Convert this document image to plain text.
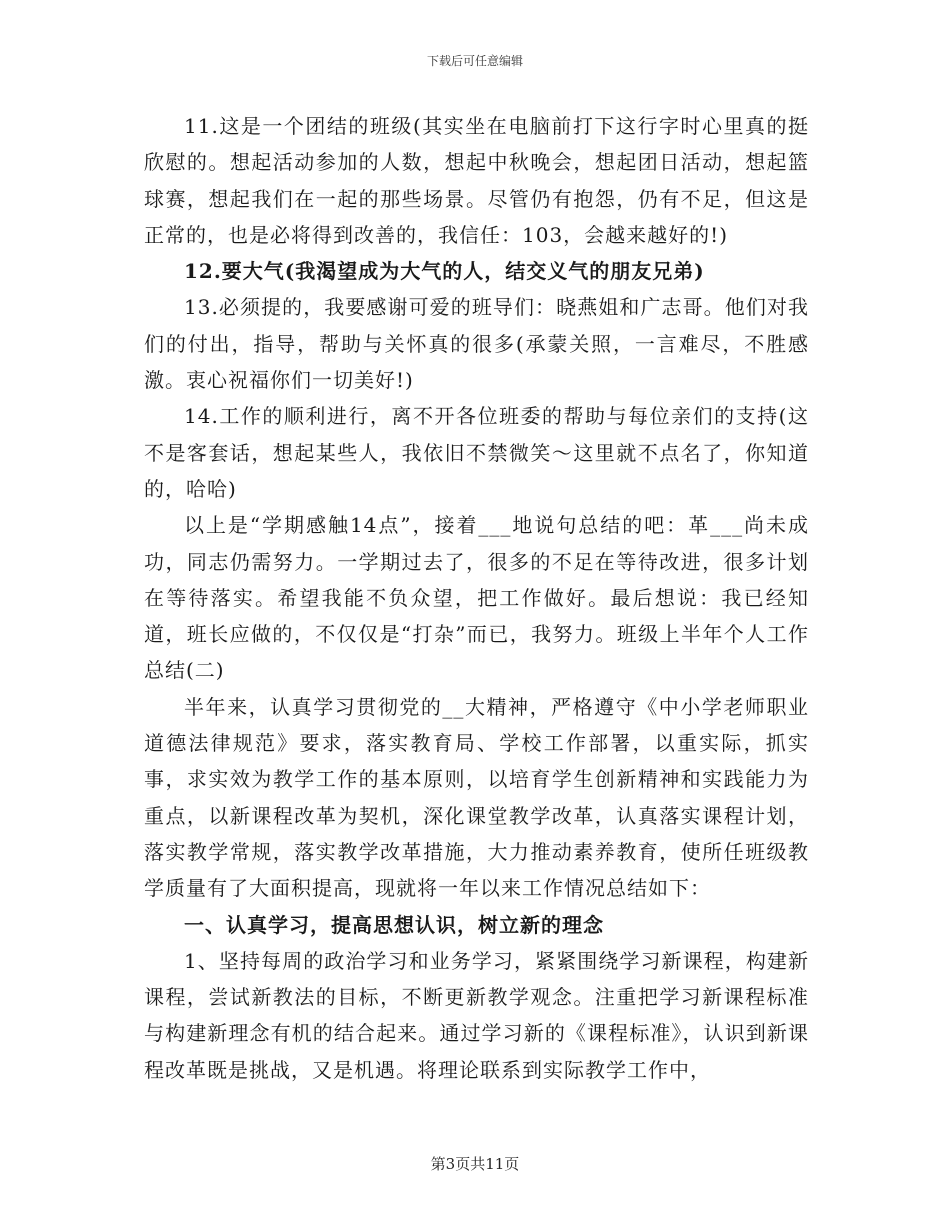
下载后可任意编辑

11.这是一个团结的班级(其实坐在电脑前打下这行字时心里真的挺欣慰的。想起活动参加的人数，想起中秋晚会，想起团日活动，想起篮球赛，想起我们在一起的那些场景。尽管仍有抱怨，仍有不足，但这是正常的，也是必将得到改善的，我信任：103，会越来越好的!)

12.要大气(我渴望成为大气的人，结交义气的朋友兄弟)

13.必须提的，我要感谢可爱的班导们：晓燕姐和广志哥。他们对我们的付出，指导，帮助与关怀真的很多(承蒙关照，一言难尽，不胜感激。衷心祝福你们一切美好!)

14.工作的顺利进行，离不开各位班委的帮助与每位亲们的支持(这不是客套话，想起某些人，我依旧不禁微笑～这里就不点名了，你知道的，哈哈)

以上是“学期感触14点”，接着___地说句总结的吧：革___尚未成功，同志仍需努力。一学期过去了，很多的不足在等待改进，很多计划在等待落实。希望我能不负众望，把工作做好。最后想说：我已经知道，班长应做的，不仅仅是“打杂”而已，我努力。班级上半年个人工作总结(二)

半年来，认真学习贯彻党的__大精神，严格遵守《中小学老师职业道德法律规范》要求，落实教育局、学校工作部署，以重实际，抓实事，求实效为教学工作的基本原则，以培育学生创新精神和实践能力为重点，以新课程改革为契机，深化课堂教学改革，认真落实课程计划，落实教学常规，落实教学改革措施，大力推动素养教育，使所任班级教学质量有了大面积提高，现就将一年以来工作情况总结如下：

一、认真学习，提高思想认识，树立新的理念

1、坚持每周的政治学习和业务学习，紧紧围绕学习新课程，构建新课程，尝试新教法的目标，不断更新教学观念。注重把学习新课程标准与构建新理念有机的结合起来。通过学习新的《课程标准》，认识到新课程改革既是挑战，又是机遇。将理论联系到实际教学工作中，

第3页共11页
